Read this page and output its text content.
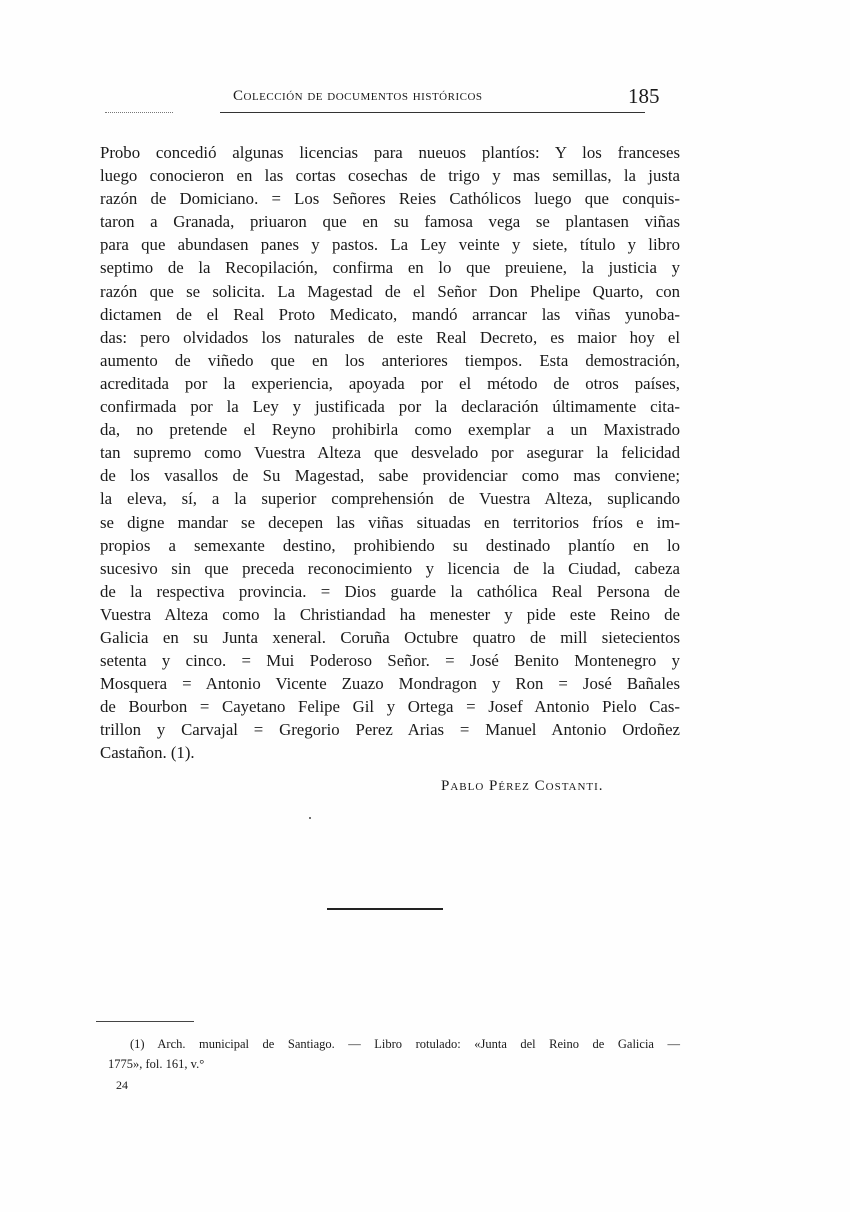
Colección de documentos históricos	185
Probo concedió algunas licencias para nueuos plantíos: Y los franceses
luego conocieron en las cortas cosechas de trigo y mas semillas, la justa
razón de Domiciano. = Los Señores Reies Cathólicos luego que conquis-
taron a Granada, priuaron que en su famosa vega se plantasen viñas
para que abundasen panes y pastos. La Ley veinte y siete, título y libro
septimo de la Recopilación, confirma en lo que preuiene, la justicia y
razón que se solicita. La Magestad de el Señor Don Phelipe Quarto, con
dictamen de el Real Proto Medicato, mandó arrancar las viñas yunoba-
das: pero olvidados los naturales de este Real Decreto, es maior hoy el
aumento de viñedo que en los anteriores tiempos. Esta demostración,
acreditada por la experiencia, apoyada por el método de otros países,
confirmada por la Ley y justificada por la declaración últimamente cita-
da, no pretende el Reyno prohibirla como exemplar a un Maxistrado
tan supremo como Vuestra Alteza que desvelado por asegurar la felicidad
de los vasallos de Su Magestad, sabe providenciar como mas conviene;
la eleva, sí, a la superior comprehensión de Vuestra Alteza, suplicando
se digne mandar se decepen las viñas situadas en territorios fríos e im-
propios a semexante destino, prohibiendo su destinado plantío en lo
sucesivo sin que preceda reconocimiento y licencia de la Ciudad, cabeza
de la respectiva provincia. = Dios guarde la cathólica Real Persona de
Vuestra Alteza como la Christiandad ha menester y pide este Reino de
Galicia en su Junta xeneral. Coruña Octubre quatro de mill sietecientos
setenta y cinco. = Mui Poderoso Señor. = José Benito Montenegro y
Mosquera = Antonio Vicente Zuazo Mondragon y Ron = José Bañales
de Bourbon = Cayetano Felipe Gil y Ortega = Josef Antonio Pielo Cas-
trillon y Carvajal = Gregorio Perez Arias = Manuel Antonio Ordoñez
Castañon. (1).
Pablo Pérez Costanti.
(1) Arch. municipal de Santiago. — Libro rotulado: «Junta del Reino de Galicia —
1775», fol. 161, v.°
24
